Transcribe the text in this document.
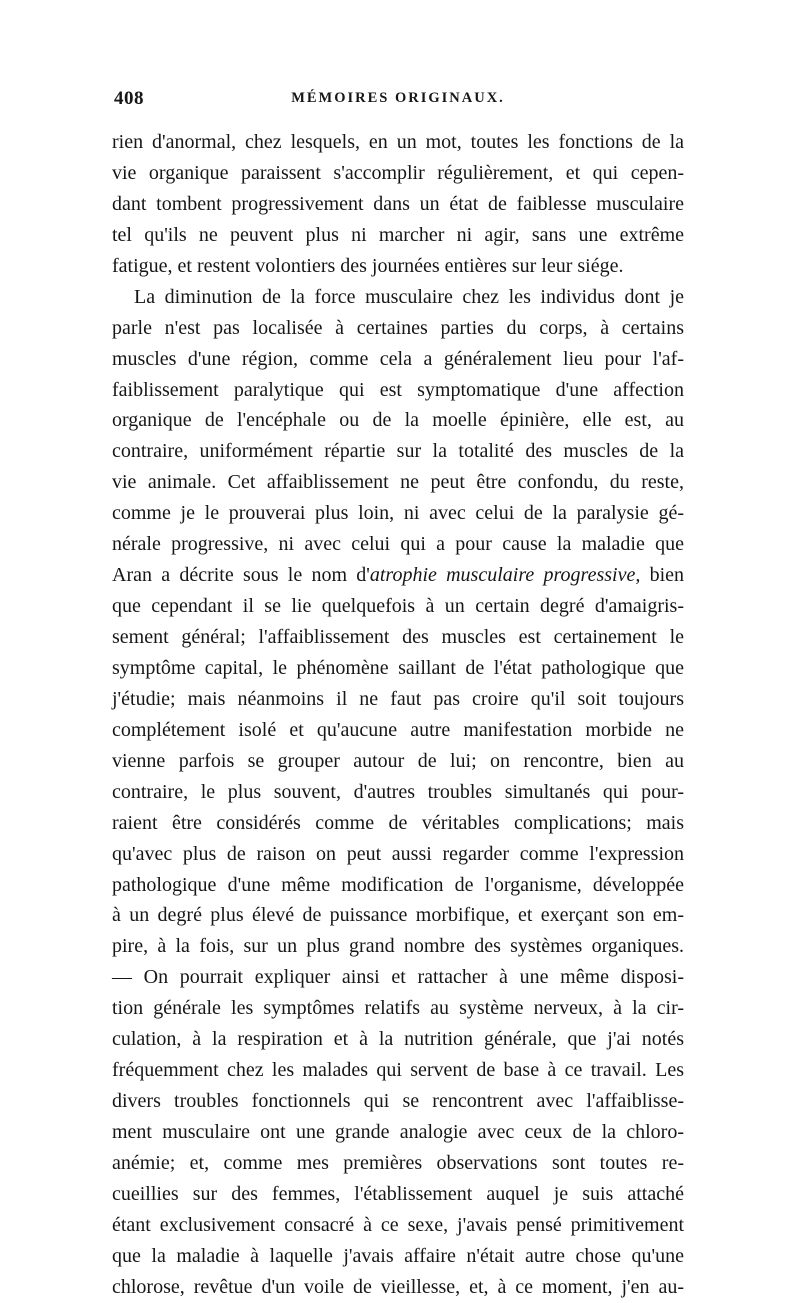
408	MÉMOIRES ORIGINAUX.
rien d'anormal, chez lesquels, en un mot, toutes les fonctions de la
vie organique paraissent s'accomplir régulièrement, et qui cepen-
dant tombent progressivement dans un état de faiblesse musculaire
tel qu'ils ne peuvent plus ni marcher ni agir, sans une extrême
fatigue, et restent volontiers des journées entières sur leur siége.
La diminution de la force musculaire chez les individus dont je
parle n'est pas localisée à certaines parties du corps, à certains
muscles d'une région, comme cela a généralement lieu pour l'af-
faiblissement paralytique qui est symptomatique d'une affection
organique de l'encéphale ou de la moelle épinière, elle est, au
contraire, uniformément répartie sur la totalité des muscles de la
vie animale. Cet affaiblissement ne peut être confondu, du reste,
comme je le prouverai plus loin, ni avec celui de la paralysie gé-
nérale progressive, ni avec celui qui a pour cause la maladie que
Aran a décrite sous le nom d'atrophie musculaire progressive, bien
que cependant il se lie quelquefois à un certain degré d'amaigris-
sement général; l'affaiblissement des muscles est certainement le
symptôme capital, le phénomène saillant de l'état pathologique que
j'étudie; mais néanmoins il ne faut pas croire qu'il soit toujours
complétement isolé et qu'aucune autre manifestation morbide ne
vienne parfois se grouper autour de lui; on rencontre, bien au
contraire, le plus souvent, d'autres troubles simultanés qui pour-
raient être considérés comme de véritables complications; mais
qu'avec plus de raison on peut aussi regarder comme l'expression
pathologique d'une même modification de l'organisme, développée
à un degré plus élevé de puissance morbifique, et exerçant son em-
pire, à la fois, sur un plus grand nombre des systèmes organiques.
— On pourrait expliquer ainsi et rattacher à une même disposi-
tion générale les symptômes relatifs au système nerveux, à la cir-
culation, à la respiration et à la nutrition générale, que j'ai notés
fréquemment chez les malades qui servent de base à ce travail. Les
divers troubles fonctionnels qui se rencontrent avec l'affaiblisse-
ment musculaire ont une grande analogie avec ceux de la chloro-
anémie; et, comme mes premières observations sont toutes re-
cueillies sur des femmes, l'établissement auquel je suis attaché
étant exclusivement consacré à ce sexe, j'avais pensé primitivement
que la maladie à laquelle j'avais affaire n'était autre chose qu'une
chlorose, revêtue d'un voile de vieillesse, et, à ce moment, j'en au-
